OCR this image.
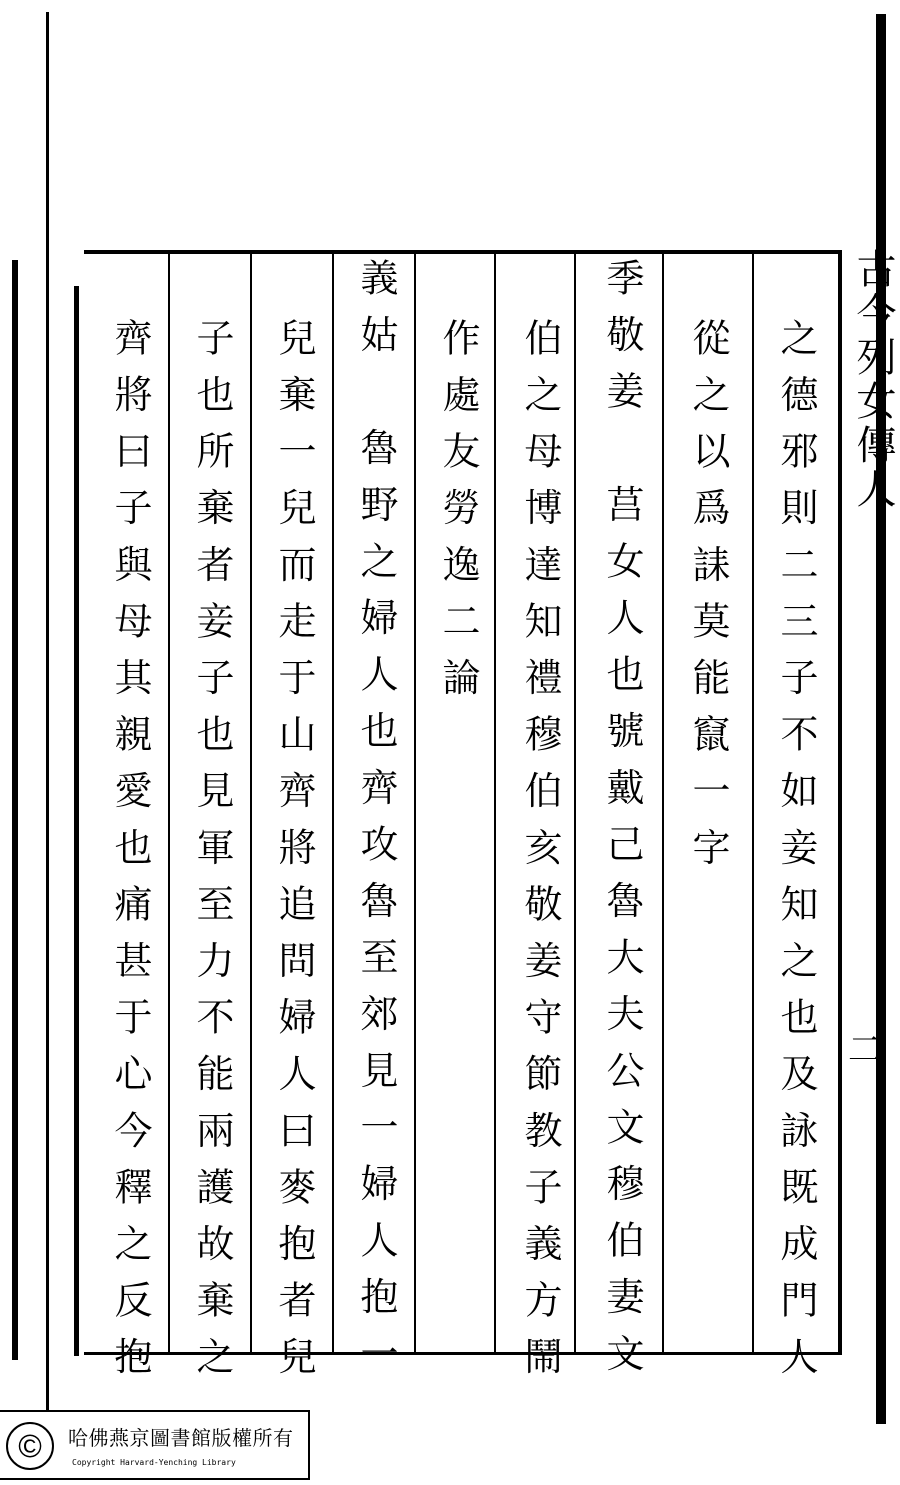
古今列女傳人
二
之德邪則二三子不如妾知之也及詠既成門人
從之以爲誄莫能竄一字
季敬姜　莒女人也號戴己魯大夫公文穆伯妻文
伯之母博達知禮穆伯亥敬姜守節教子義方鬧
作處友勞逸二論
義姑　魯野之婦人也齊攻魯至郊見一婦人抱一
兒棄一兒而走于山齊將追問婦人曰麥抱者兒
子也所棄者妾子也見軍至力不能兩護故棄之
齊將曰子與母其親愛也痛甚于心今釋之反抱
©	哈佛燕京圖書館版權所有
Copyright Harvard-Yenching Library
